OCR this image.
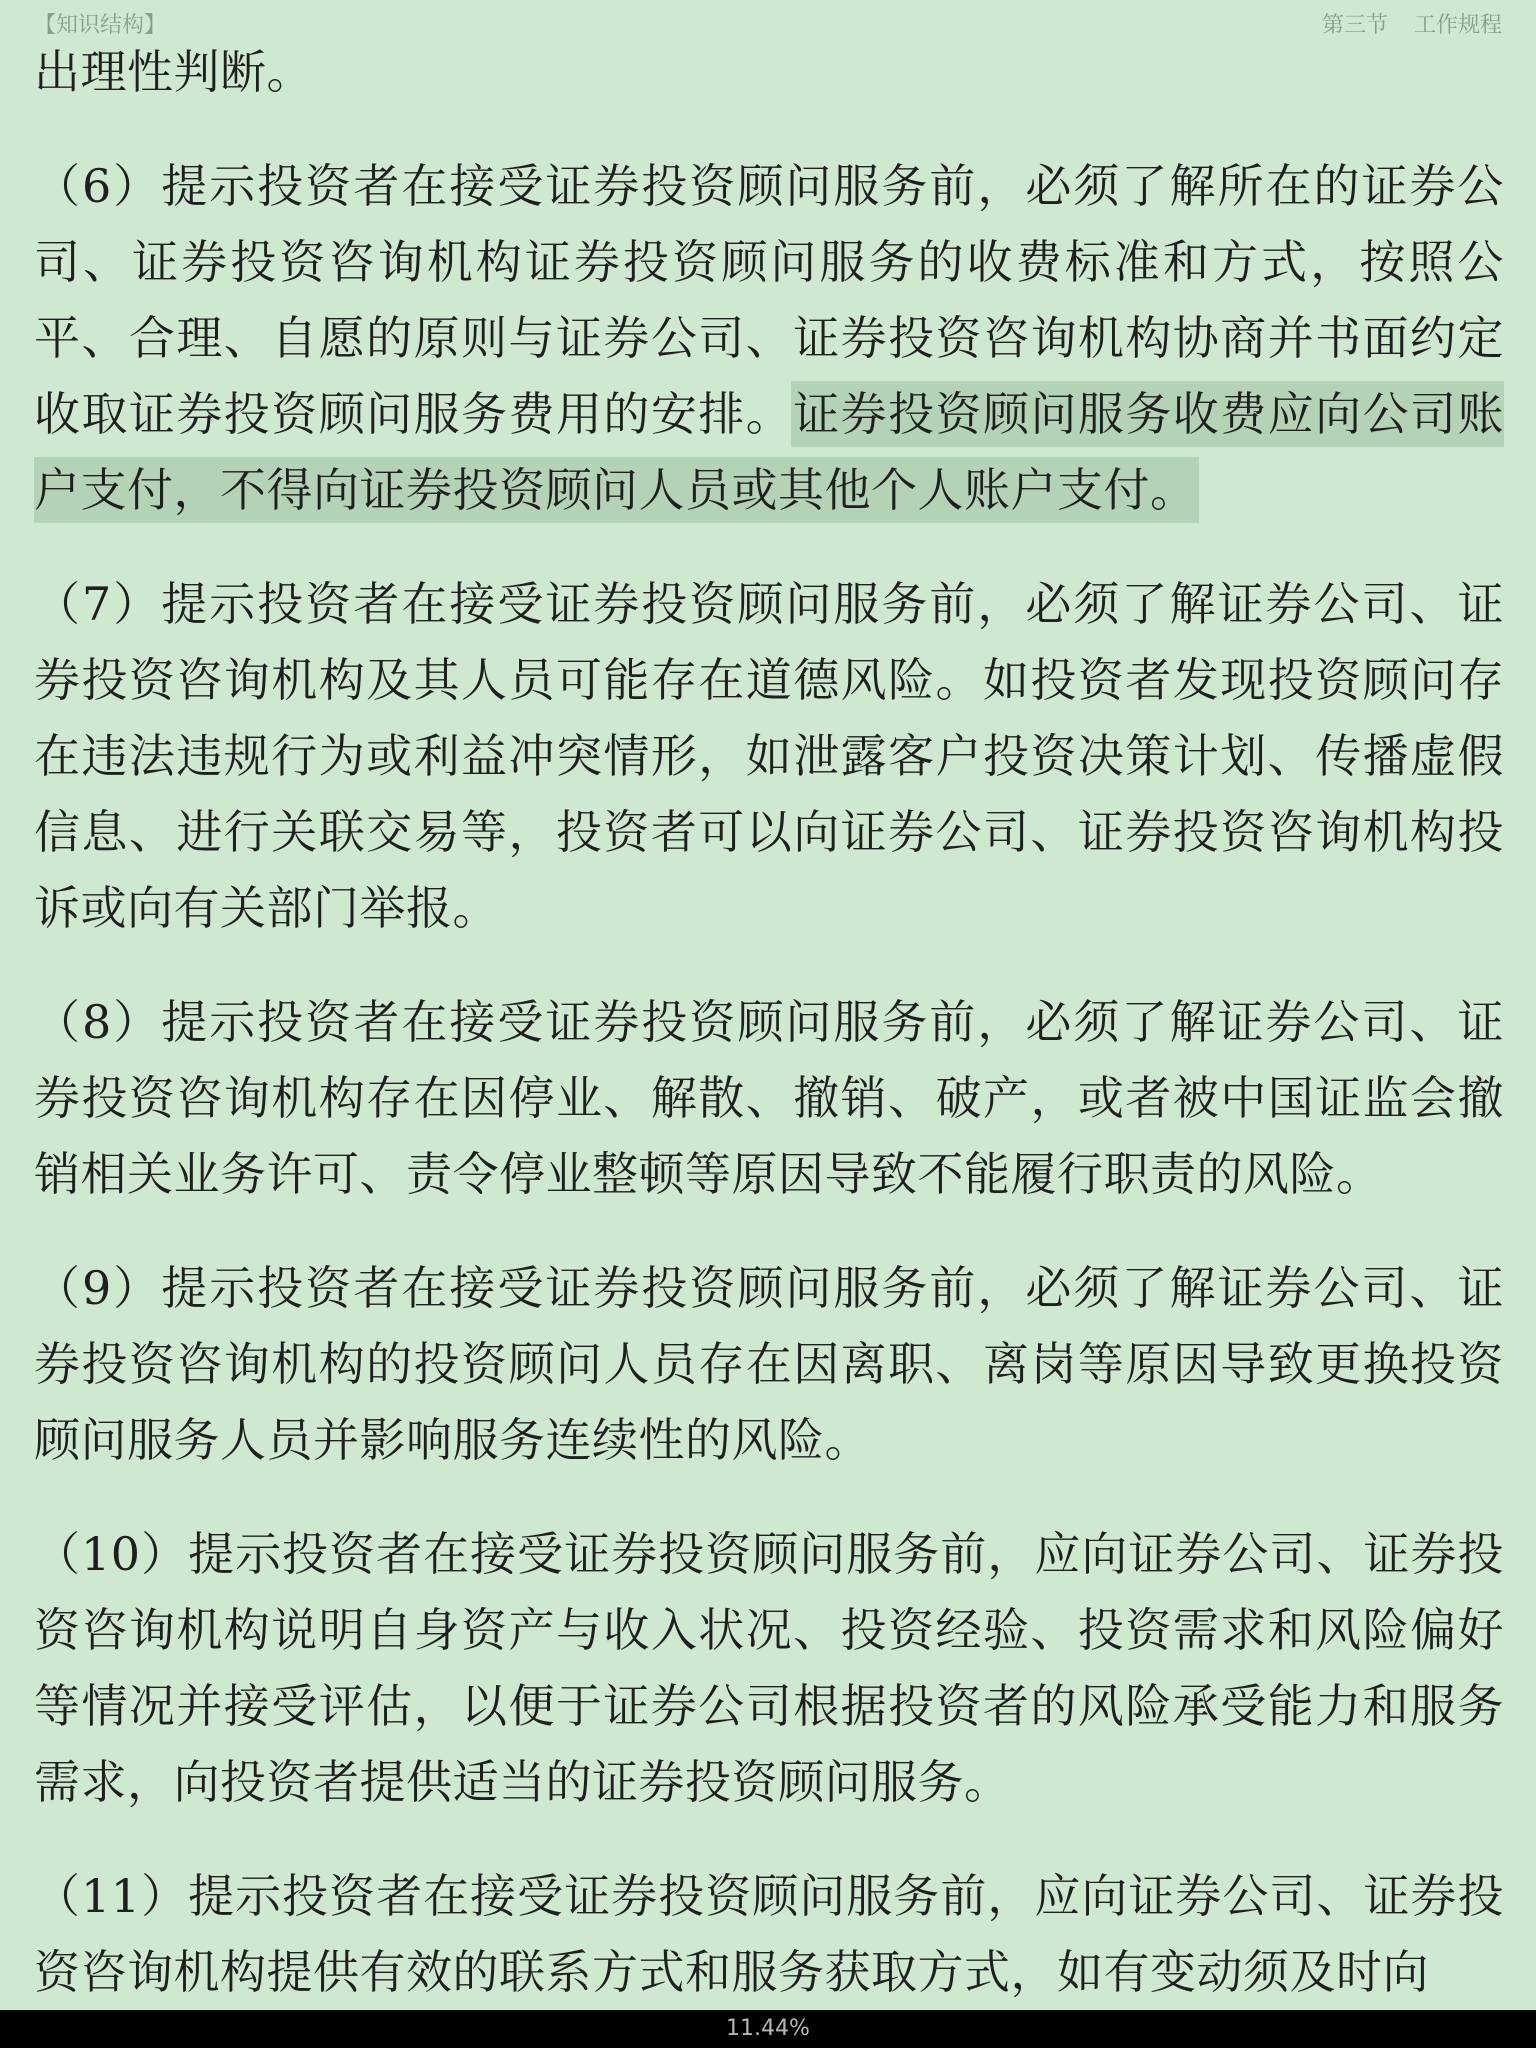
【知识结构】	第三节 工作规程

出理性判断。

（6）提示投资者在接受证券投资顾问服务前，必须了解所在的证券公司、证券投资咨询机构证券投资顾问服务的收费标准和方式，按照公平、合理、自愿的原则与证券公司、证券投资咨询机构协商并书面约定收取证券投资顾问服务费用的安排。证券投资顾问服务收费应向公司账户支付，不得向证券投资顾问人员或其他个人账户支付。

（7）提示投资者在接受证券投资顾问服务前，必须了解证券公司、证券投资咨询机构及其人员可能存在道德风险。如投资者发现投资顾问存在违法违规行为或利益冲突情形，如泄露客户投资决策计划、传播虚假信息、进行关联交易等，投资者可以向证券公司、证券投资咨询机构投诉或向有关部门举报。

（8）提示投资者在接受证券投资顾问服务前，必须了解证券公司、证券投资咨询机构存在因停业、解散、撤销、破产，或者被中国证监会撤销相关业务许可、责令停业整顿等原因导致不能履行职责的风险。

（9）提示投资者在接受证券投资顾问服务前，必须了解证券公司、证券投资咨询机构的投资顾问人员存在因离职、离岗等原因导致更换投资顾问服务人员并影响服务连续性的风险。

（10）提示投资者在接受证券投资顾问服务前，应向证券公司、证券投资咨询机构说明自身资产与收入状况、投资经验、投资需求和风险偏好等情况并接受评估，以便于证券公司根据投资者的风险承受能力和服务需求，向投资者提供适当的证券投资顾问服务。

（11）提示投资者在接受证券投资顾问服务前，应向证券公司、证券投资咨询机构提供有效的联系方式和服务获取方式，如有变动须及时向

11.44%
